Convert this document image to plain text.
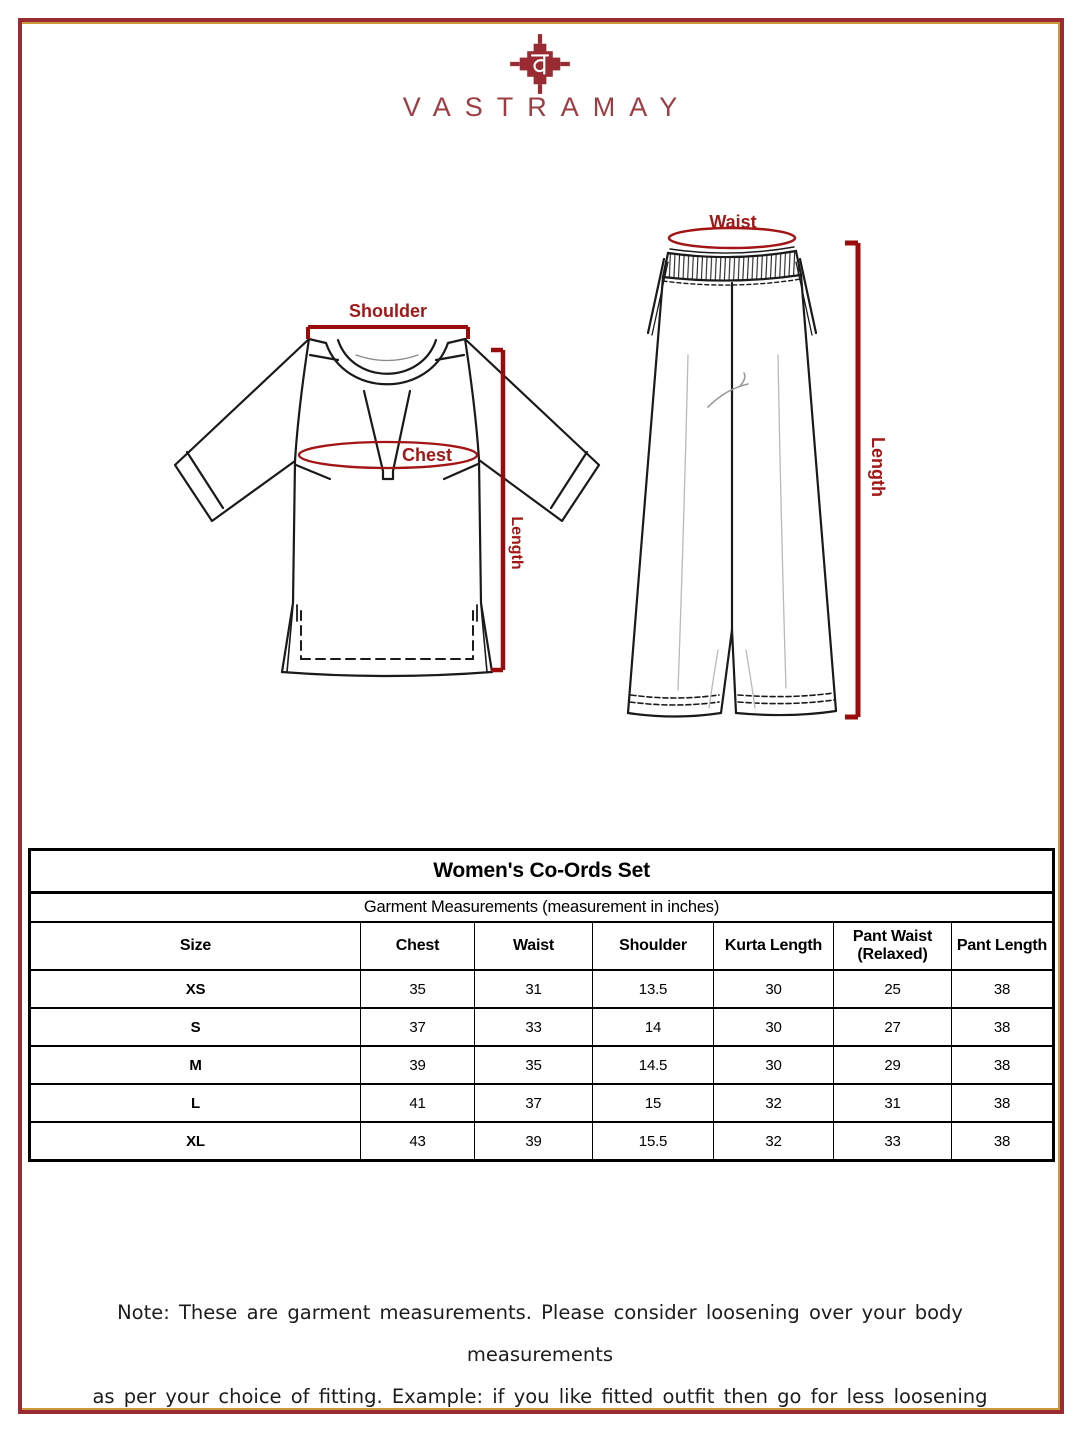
VASTRAMAY
Shoulder
Chest
Length
Waist
Length
Women's Co-Ords Set						
Garment Measurements (measurement in inches)						
Size	Chest	Waist	Shoulder	Kurta Length	Pant Waist (Relaxed)	Pant Length
XS	35	31	13.5	30	25	38
S	37	33	14	30	27	38
M	39	35	14.5	30	29	38
L	41	37	15	32	31	38
XL	43	39	15.5	32	33	38
Note: These are garment measurements. Please consider loosening over your body measurements
as per your choice of fitting. Example: if you like fitted outfit then go for less loosening
